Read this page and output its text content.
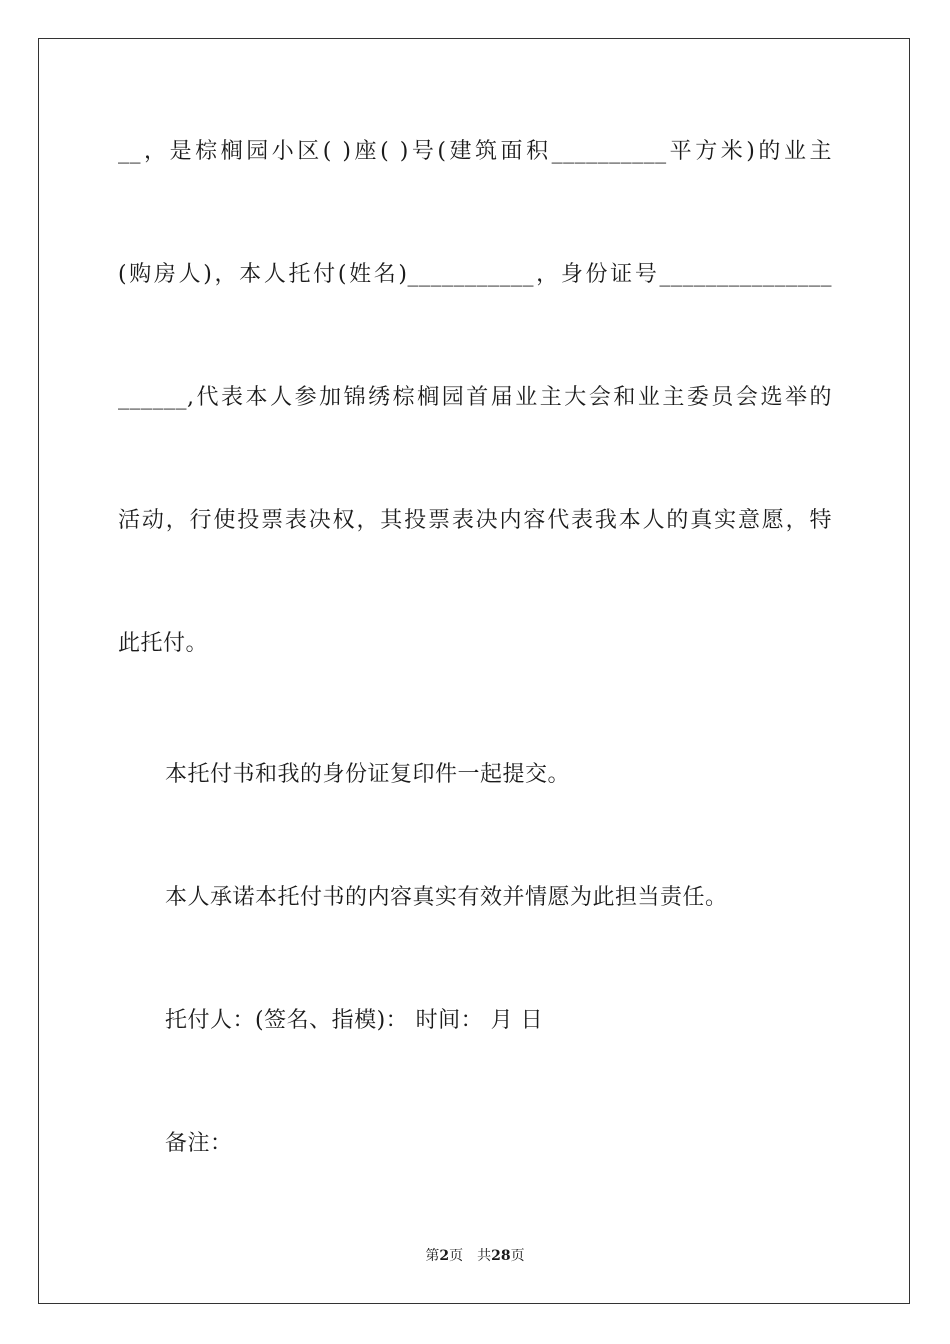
__，是棕榈园小区( )座( )号(建筑面积__________平方米)的业主
(购房人)，本人托付(姓名)___________，身份证号_______________
______,代表本人参加锦绣棕榈园首届业主大会和业主委员会选举的
活动，行使投票表决权，其投票表决内容代表我本人的真实意愿，特
此托付。
本托付书和我的身份证复印件一起提交。
本人承诺本托付书的内容真实有效并情愿为此担当责任。
托付人：(签名、指模)： 时间： 月 日
备注：
第2页　共28页
